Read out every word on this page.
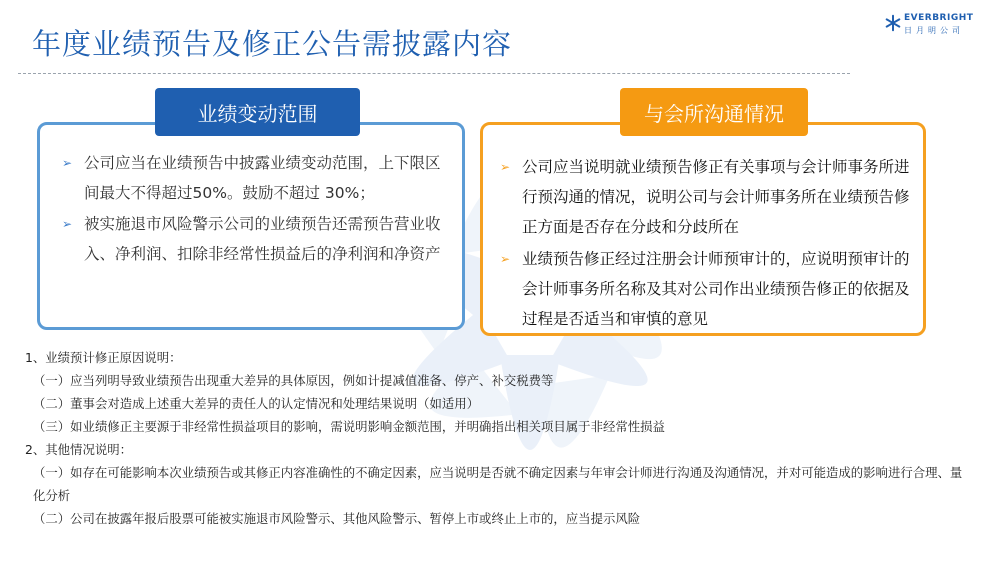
年度业绩预告及修正公告需披露内容
EVERBRIGHT
日月明公司
业绩变动范围
➢ 公司应当在业绩预告中披露业绩变动范围，上下限区间最大不得超过50%。鼓励不超过 30%；
➢ 被实施退市风险警示公司的业绩预告还需预告营业收入、净利润、扣除非经常性损益后的净利润和净资产
与会所沟通情况
➢ 公司应当说明就业绩预告修正有关事项与会计师事务所进行预沟通的情况，说明公司与会计师事务所在业绩预告修正方面是否存在分歧和分歧所在
➢ 业绩预告修正经过注册会计师预审计的，应说明预审计的会计师事务所名称及其对公司作出业绩预告修正的依据及过程是否适当和审慎的意见
1、业绩预计修正原因说明：
（一）应当列明导致业绩预告出现重大差异的具体原因，例如计提减值准备、停产、补交税费等
（二）董事会对造成上述重大差异的责任人的认定情况和处理结果说明（如适用）
（三）如业绩修正主要源于非经常性损益项目的影响，需说明影响金额范围，并明确指出相关项目属于非经常性损益
2、其他情况说明：
（一）如存在可能影响本次业绩预告或其修正内容准确性的不确定因素，应当说明是否就不确定因素与年审会计师进行沟通及沟通情况，并对可能造成的影响进行合理、量化分析
（二）公司在披露年报后股票可能被实施退市风险警示、其他风险警示、暂停上市或终止上市的，应当提示风险
